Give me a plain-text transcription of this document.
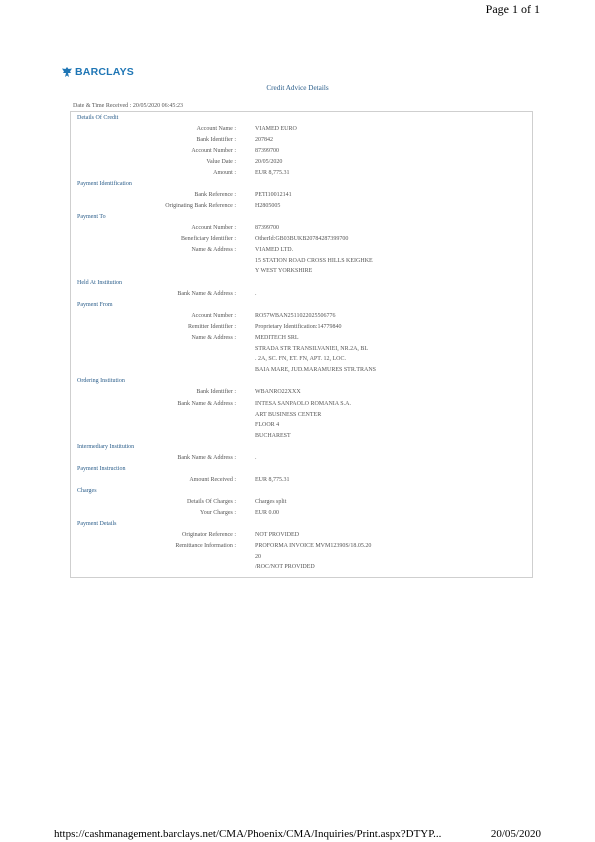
Page 1 of 1
BARCLAYS
Credit Advice Details
Date & Time Received : 20/05/2020 06:45:23
Details Of Credit
Account Name :	VIAMED EURO
Bank Identifier :	207842
Account Number :	87399700
Value Date :	20/05/2020
Amount :	EUR 8,775.31
Payment Identification
Bank Reference :	PETI10012141
Originating Bank Reference :	H2805005
Payment To
Account Number :	87399700
Beneficiary Identifier :	OtherId:GB03BUKB20784287399700
Name & Address :	VIAMED LTD.
15 STATION ROAD CROSS HILLS KEIGHKE
Y WEST YORKSHIRE
Held At Institution
Bank Name & Address :	.
Payment From
Account Number :	RO57WBAN2511022025506776
Remitter Identifier :	Proprietary Identification:14779840
Name & Address :	MEDITECH SRL
STRADA STR TRANSILVANIEI, NR.2A, BL
. 2A, SC. FN, ET. FN, APT. 12, LOC.
BAIA MARE, JUD.MARAMURES STR.TRANS
Ordering Institution
Bank Identifier :	WBANRO22XXX
Bank Name & Address :	INTESA SANPAOLO ROMANIA S.A.
ART BUSINESS CENTER
FLOOR 4
BUCHAREST
Intermediary Institution
Bank Name & Address :	.
Payment Instruction
Amount Received :	EUR 8,775.31
Charges
Details Of Charges :	Charges split
Your Charges :	EUR 0.00
Payment Details
Originator Reference :	NOT PROVIDED
Remittance Information :	PROFORMA INVOICE MVM12390S/18.05.20
20
/ROC/NOT PROVIDED
https://cashmanagement.barclays.net/CMA/Phoenix/CMA/Inquiries/Print.aspx?DTYP...	20/05/2020
